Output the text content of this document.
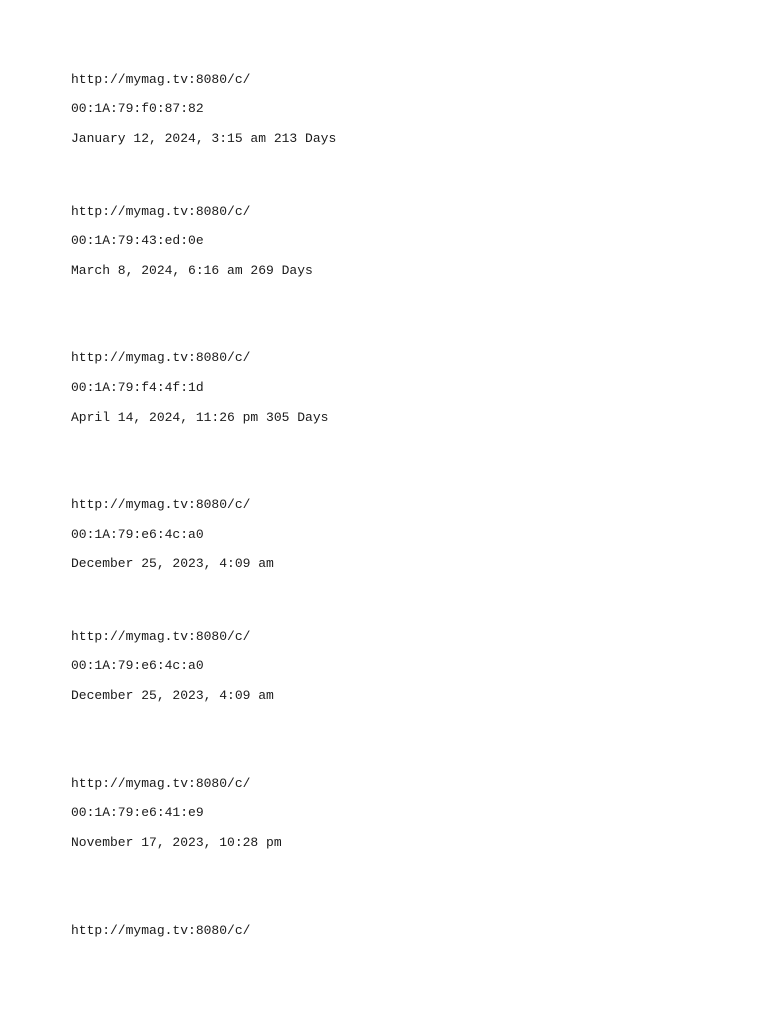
http://mymag.tv:8080/c/

00:1A:79:f0:87:82

January 12, 2024, 3:15 am 213 Days

http://mymag.tv:8080/c/

00:1A:79:43:ed:0e

March 8, 2024, 6:16 am 269 Days

http://mymag.tv:8080/c/

00:1A:79:f4:4f:1d

April 14, 2024, 11:26 pm 305 Days

http://mymag.tv:8080/c/

00:1A:79:e6:4c:a0

December 25, 2023, 4:09 am

http://mymag.tv:8080/c/

00:1A:79:e6:4c:a0

December 25, 2023, 4:09 am

http://mymag.tv:8080/c/

00:1A:79:e6:41:e9

November 17, 2023, 10:28 pm

http://mymag.tv:8080/c/
